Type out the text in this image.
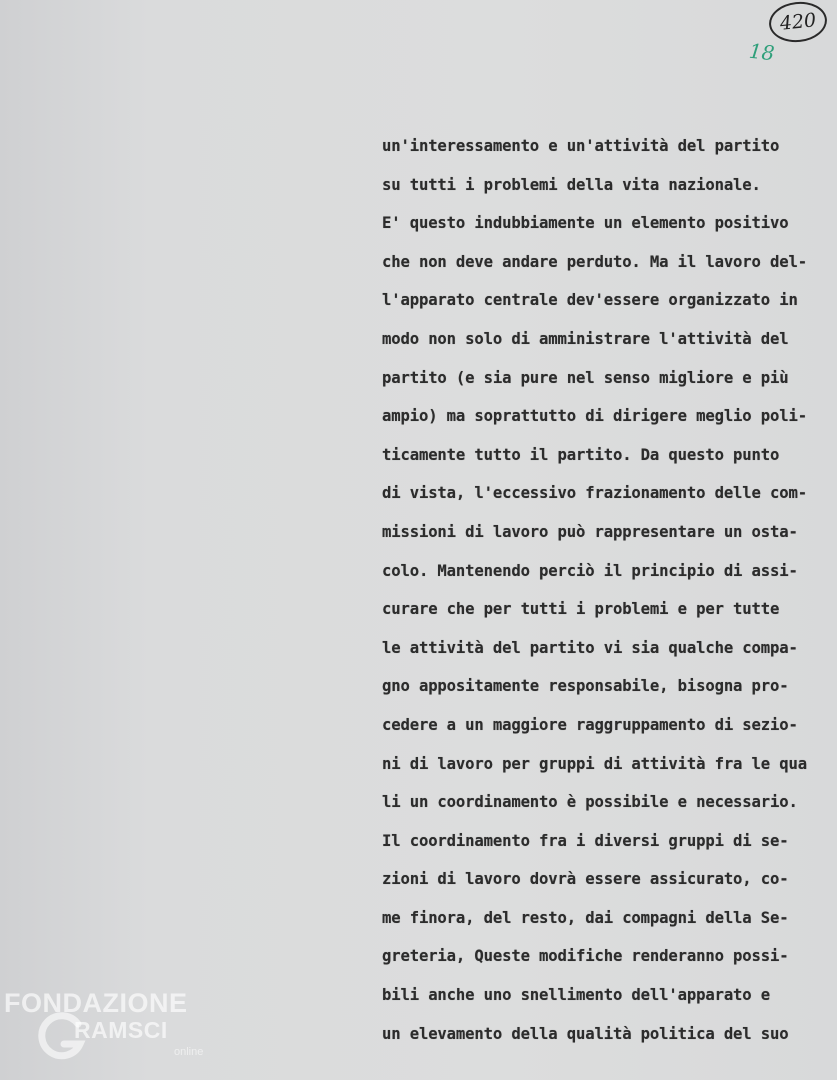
420
18
un'interessamento e un'attività del partito
su tutti i problemi della vita nazionale.
E' questo indubbiamente un elemento positivo
che non deve andare perduto. Ma il lavoro del-
l'apparato centrale dev'essere organizzato in
modo non solo di amministrare l'attività del
partito (e sia pure nel senso migliore e più
ampio) ma soprattutto di dirigere meglio poli-
ticamente tutto il partito. Da questo punto
di vista, l'eccessivo frazionamento delle com-
missioni di lavoro può rappresentare un osta-
colo. Mantenendo perciò il principio di assi-
curare che per tutti i problemi e per tutte
le attività del partito vi sia qualche compa-
gno appositamente responsabile, bisogna pro-
cedere a un maggiore raggruppamento di sezio-
ni di lavoro per gruppi di attività fra le qua
li un coordinamento è possibile e necessario.
Il coordinamento fra i diversi gruppi di se-
zioni di lavoro dovrà essere assicurato, co-
me finora, del resto, dai compagni della Se-
greteria, Queste modifiche renderanno possi-
bili anche uno snellimento dell'apparato e
un elevamento della qualità politica del suo
FONDAZIONE
RAMSCI
online
